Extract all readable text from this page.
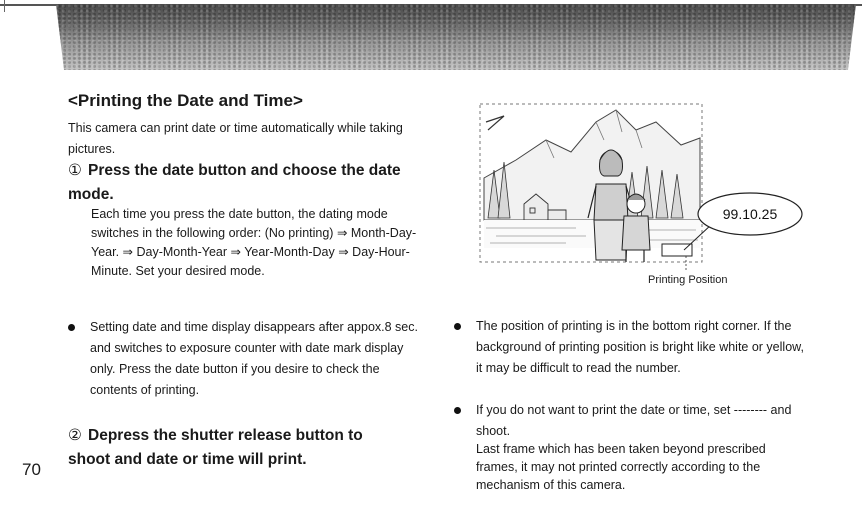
<Printing the Date and Time>
This camera can print date or time automatically while taking pictures.
① Press the date button and choose the date mode.
Each time you press the date button, the dating mode switches in the following order: (No printing) ⇒ Month-Day-Year. ⇒ Day-Month-Year ⇒ Year-Month-Day ⇒ Day-Hour-Minute. Set your desired mode.
Setting date and time display disappears after appox.8 sec. and switches to exposure counter with date mark display only. Press the date button if you desire to check the contents of printing.
② Depress the shutter release button to shoot and date or time will print.
70
99.10.25
Printing Position
The position of printing is in the bottom right corner. If the background of printing position is bright like white or yellow, it may be difficult to read the number.
If you do not want to print the date or time, set -------- and shoot.
Last frame which has been taken beyond prescribed frames, it may not printed correctly according to the mechanism of this camera.
